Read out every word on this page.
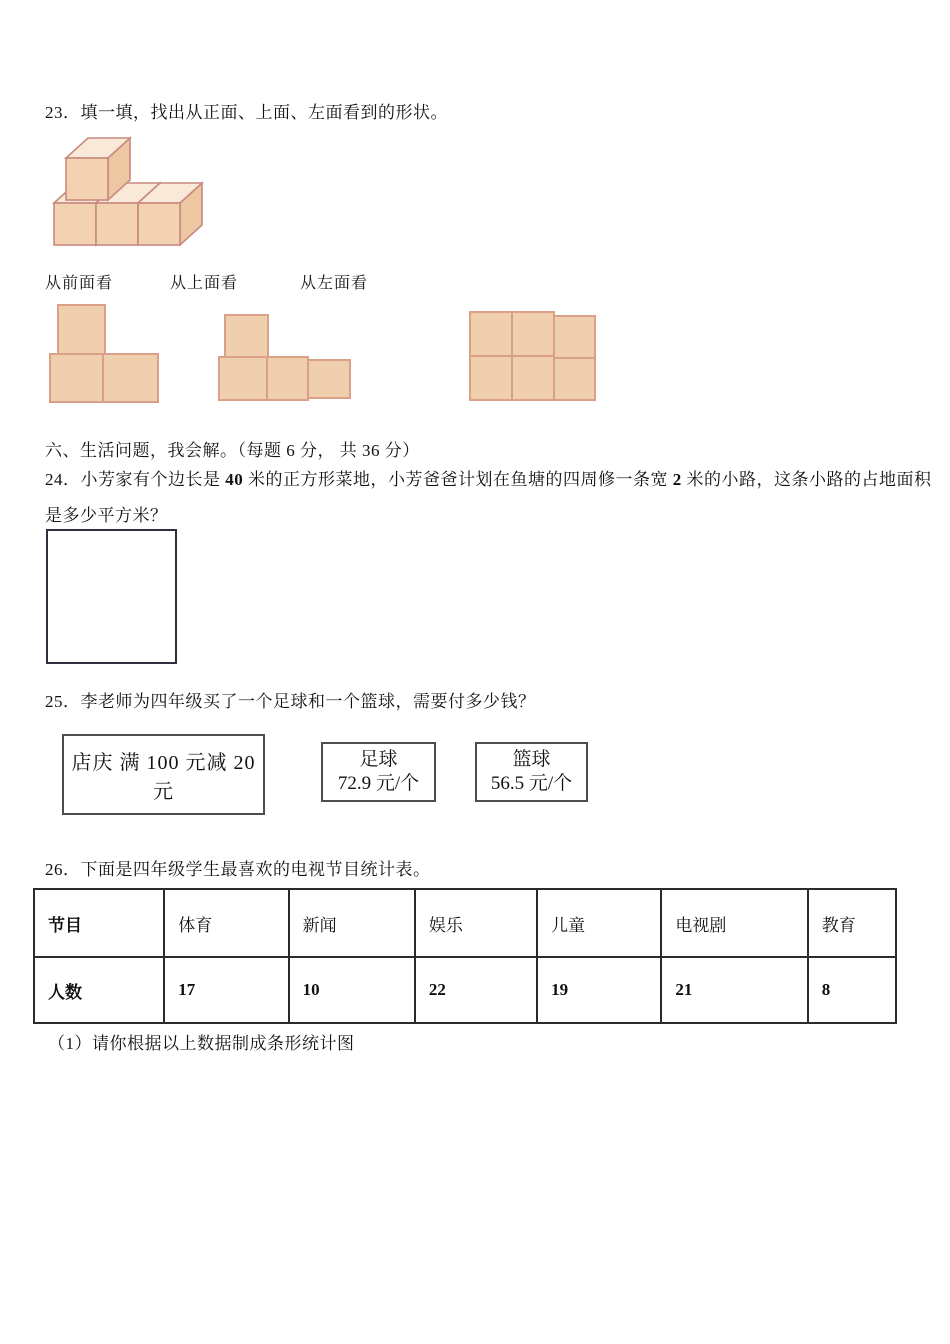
23．填一填，找出从正面、上面、左面看到的形状。
从前面看	从上面看	从左面看
六、生活问题，我会解。（每题 6 分， 共 36 分）
24．小芳家有个边长是 40 米的正方形菜地，小芳爸爸计划在鱼塘的四周修一条宽 2 米的小路，这条小路的占地面积
是多少平方米？
25．李老师为四年级买了一个足球和一个篮球，需要付多少钱？
店庆 满 100 元减 20 元
足球
72.9 元/个
篮球
56.5 元/个
26．下面是四年级学生最喜欢的电视节目统计表。
节目	体育	新闻	娱乐	儿童	电视剧	教育
人数	17	10	22	19	21	8
（1）请你根据以上数据制成条形统计图
